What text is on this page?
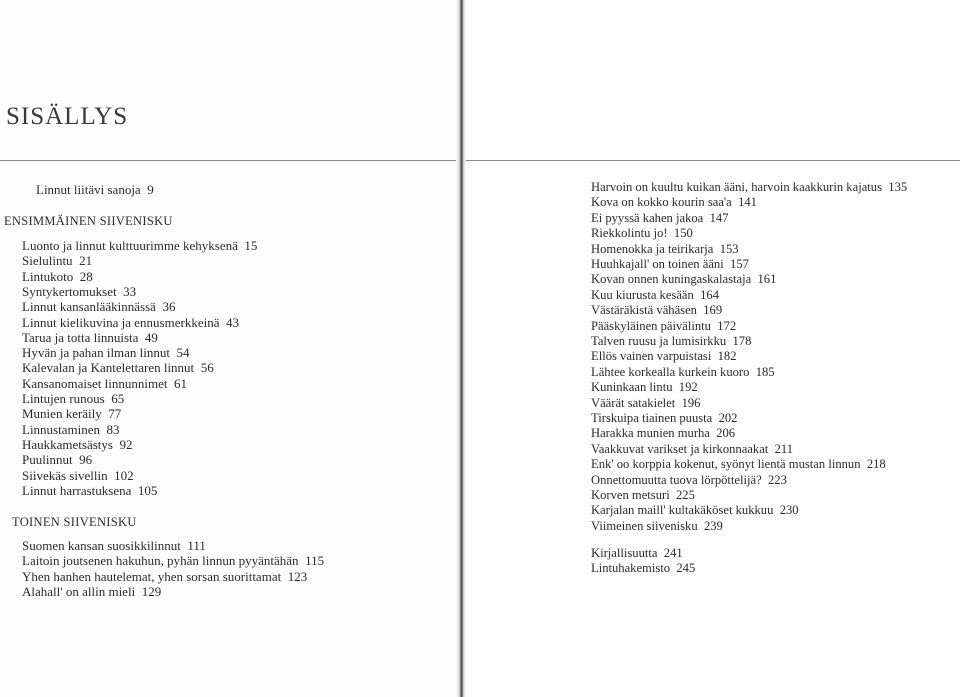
SISÄLLYS
Linnut liitävi sanoja  9
ENSIMMÄINEN SIIVENISKU
Luonto ja linnut kulttuurimme kehyksenä  15
Sielulintu  21
Lintukoto  28
Syntykertomukset  33
Linnut kansanlääkinnässä  36
Linnut kielikuvina ja ennusmerkkeinä  43
Tarua ja totta linnuista  49
Hyvän ja pahan ilman linnut  54
Kalevalan ja Kantelettaren linnut  56
Kansanomaiset linnunnimet  61
Lintujen runous  65
Munien keräily  77
Linnustaminen  83
Haukkametsästys  92
Puulinnut  96
Siivekäs sivellin  102
Linnut harrastuksena  105
TOINEN SIIVENISKU
Suomen kansan suosikkilinnut  111
Laitoin joutsenen hakuhun, pyhän linnun pyyäntähän  115
Yhen hanhen hautelemat, yhen sorsan suorittamat  123
Alahall' on allin mieli  129
Harvoin on kuultu kuikan ääni, harvoin kaakkurin kajatus  135
Kova on kokko kourin saa'a  141
Ei pyyssä kahen jakoa  147
Riekkolintu jo!  150
Homenokka ja teirikarja  153
Huuhkajall' on toinen ääni  157
Kovan onnen kuningaskalastaja  161
Kuu kiurusta kesään  164
Västäräkistä vähäsen  169
Pääskyläinen päivälintu  172
Talven ruusu ja lumisirkku  178
Ellös vainen varpuistasi  182
Lähtee korkealla kurkein kuoro  185
Kuninkaan lintu  192
Väärät satakielet  196
Tirskuipa tiainen puusta  202
Harakka munien murha  206
Vaakkuvat varikset ja kirkonnaakat  211
Enk' oo korppia kokenut, syönyt lientä mustan linnun  218
Onnettomuutta tuova lörpöttelijä?  223
Korven metsuri  225
Karjalan maill' kultakäköset kukkuu  230
Viimeinen siivenisku  239
Kirjallisuutta  241
Lintuhakemisto  245
